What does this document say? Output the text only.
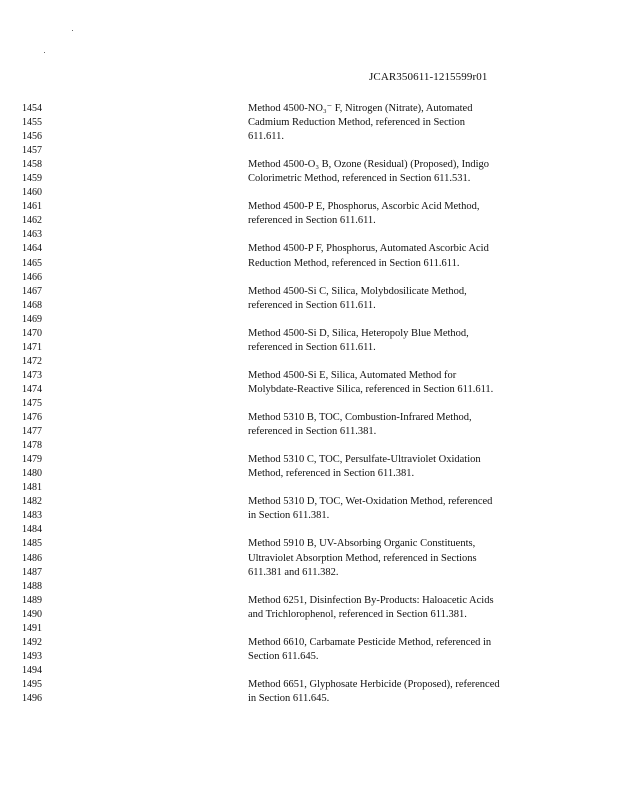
JCAR350611-1215599r01
1454
1455
1456
1457
1458
1459
1460
1461
1462
1463
1464
1465
1466
1467
1468
1469
1470
1471
1472
1473
1474
1475
1476
1477
1478
1479
1480
1481
1482
1483
1484
1485
1486
1487
1488
1489
1490
1491
1492
1493
1494
1495
1496
Method 4500-NO₃⁻ F, Nitrogen (Nitrate), Automated
Cadmium Reduction Method, referenced in Section
611.611.
Method 4500-O₃ B, Ozone (Residual) (Proposed), Indigo
Colorimetric Method, referenced in Section 611.531.
Method 4500-P E, Phosphorus, Ascorbic Acid Method,
referenced in Section 611.611.
Method 4500-P F, Phosphorus, Automated Ascorbic Acid
Reduction Method, referenced in Section 611.611.
Method 4500-Si C, Silica, Molybdosilicate Method,
referenced in Section 611.611.
Method 4500-Si D, Silica, Heteropoly Blue Method,
referenced in Section 611.611.
Method 4500-Si E, Silica, Automated Method for
Molybdate-Reactive Silica, referenced in Section 611.611.
Method 5310 B, TOC, Combustion-Infrared Method,
referenced in Section 611.381.
Method 5310 C, TOC, Persulfate-Ultraviolet Oxidation
Method, referenced in Section 611.381.
Method 5310 D, TOC, Wet-Oxidation Method, referenced
in Section 611.381.
Method 5910 B, UV-Absorbing Organic Constituents,
Ultraviolet Absorption Method, referenced in Sections
611.381 and 611.382.
Method 6251, Disinfection By-Products: Haloacetic Acids
and Trichlorophenol, referenced in Section 611.381.
Method 6610, Carbamate Pesticide Method, referenced in
Section 611.645.
Method 6651, Glyphosate Herbicide (Proposed), referenced
in Section 611.645.
